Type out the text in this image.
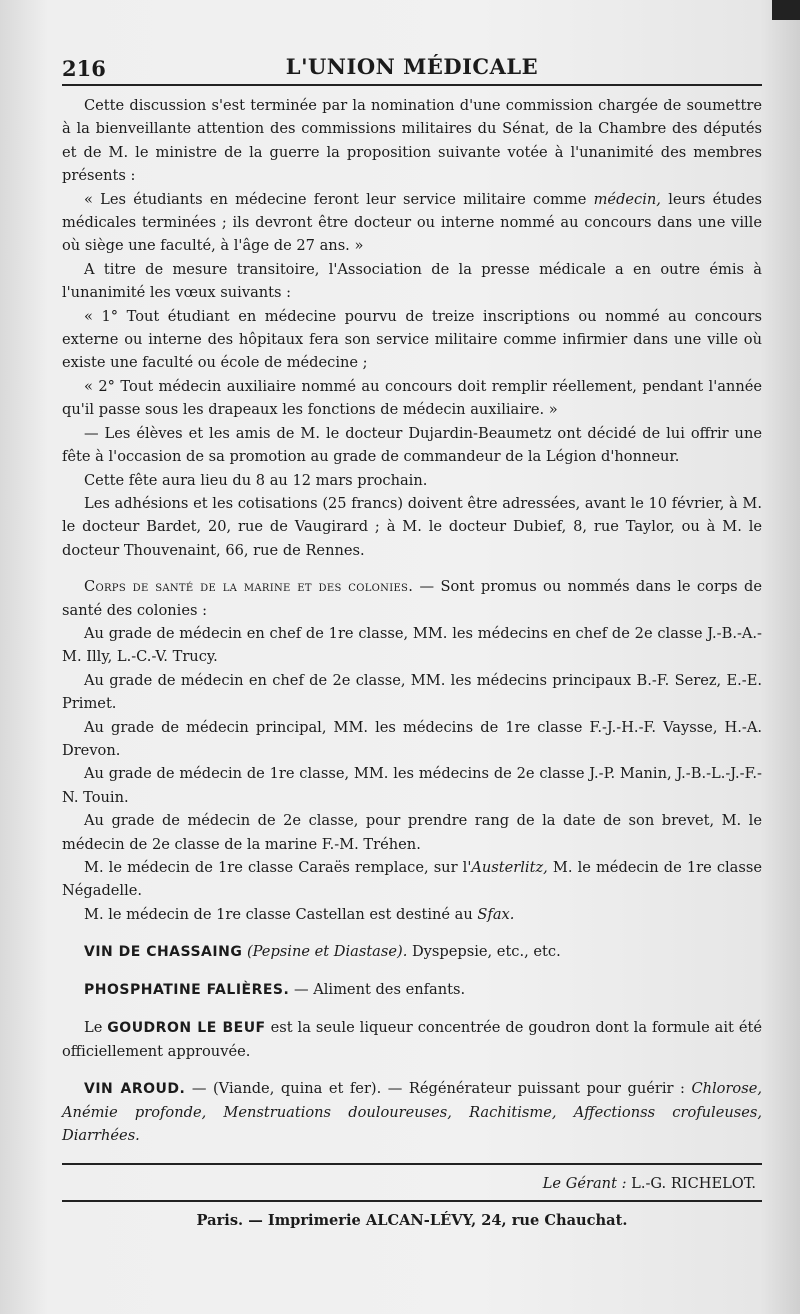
216	L'UNION MÉDICALE

Cette discussion s'est terminée par la nomination d'une commission chargée de soumettre à la bienveillante attention des commissions militaires du Sénat, de la Chambre des députés et de M. le ministre de la guerre la proposition suivante votée à l'unanimité des membres présents :

« Les étudiants en médecine feront leur service militaire comme médecin, leurs études médicales terminées ; ils devront être docteur ou interne nommé au concours dans une ville où siège une faculté, à l'âge de 27 ans. »

A titre de mesure transitoire, l'Association de la presse médicale a en outre émis à l'unanimité les vœux suivants :

« 1° Tout étudiant en médecine pourvu de treize inscriptions ou nommé au concours externe ou interne des hôpitaux fera son service militaire comme infirmier dans une ville où existe une faculté ou école de médecine ;

« 2° Tout médecin auxiliaire nommé au concours doit remplir réellement, pendant l'année qu'il passe sous les drapeaux les fonctions de médecin auxiliaire. »

— Les élèves et les amis de M. le docteur Dujardin-Beaumetz ont décidé de lui offrir une fête à l'occasion de sa promotion au grade de commandeur de la Légion d'honneur.

Cette fête aura lieu du 8 au 12 mars prochain.

Les adhésions et les cotisations (25 francs) doivent être adressées, avant le 10 février, à M. le docteur Bardet, 20, rue de Vaugirard ; à M. le docteur Dubief, 8, rue Taylor, ou à M. le docteur Thouvenaint, 66, rue de Rennes.

Corps de santé de la marine et des colonies. — Sont promus ou nommés dans le corps de santé des colonies :

Au grade de médecin en chef de 1re classe, MM. les médecins en chef de 2e classe J.-B.-A.-M. Illy, L.-C.-V. Trucy.

Au grade de médecin en chef de 2e classe, MM. les médecins principaux B.-F. Serez, E.-E. Primet.

Au grade de médecin principal, MM. les médecins de 1re classe F.-J.-H.-F. Vaysse, H.-A. Drevon.

Au grade de médecin de 1re classe, MM. les médecins de 2e classe J.-P. Manin, J.-B.-L.-J.-F.-N. Touin.

Au grade de médecin de 2e classe, pour prendre rang de la date de son brevet, M. le médecin de 2e classe de la marine F.-M. Tréhen.

M. le médecin de 1re classe Caraës remplace, sur l'Austerlitz, M. le médecin de 1re classe Négadelle.

M. le médecin de 1re classe Castellan est destiné au Sfax.

VIN DE CHASSAING (Pepsine et Diastase). Dyspepsie, etc., etc.

PHOSPHATINE FALIÈRES. — Aliment des enfants.

Le GOUDRON LE BEUF est la seule liqueur concentrée de goudron dont la formule ait été officiellement approuvée.

VIN AROUD. — (Viande, quina et fer). — Régénérateur puissant pour guérir : Chlorose, Anémie profonde, Menstruations douloureuses, Rachitisme, Affectionss crofuleuses, Diarrhées.

Le Gérant : L.-G. RICHELOT.
Paris. — Imprimerie ALCAN-LÉVY, 24, rue Chauchat.
